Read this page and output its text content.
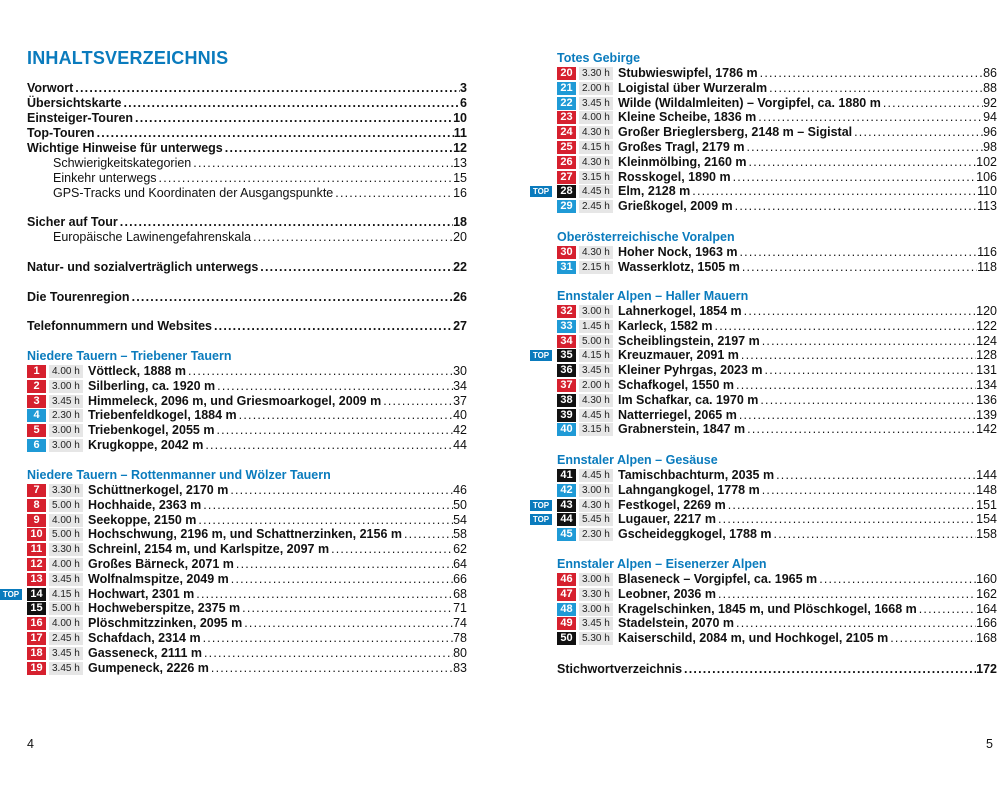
INHALTSVERZEICHNIS
Vorwort .....	3
Übersichtskarte .....	6
Einsteiger-Touren .....	10
Top-Touren .....	11
Wichtige Hinweise für unterwegs .....	12
Schwierigkeitskategorien .....	13
Einkehr unterwegs .....	15
GPS-Tracks und Koordinaten der Ausgangspunkte .....	16
Sicher auf Tour .....	18
Europäische Lawinengefahrenskala .....	20
Natur- und sozialverträglich unterwegs .....	22
Die Tourenregion .....	26
Telefonnummern und Websites .....	27
Niedere Tauern – Triebener Tauern
1	4.00 h Vöttleck, 1888 m .....	30
2	3.00 h Silberling, ca. 1920 m .....	34
3	3.45 h Himmeleck, 2096 m, und Griesmoarkogel, 2009 m .....	37
4	2.30 h Triebenfeldkogel, 1884 m .....	40
5	3.00 h Triebenkogel, 2055 m .....	42
6	3.00 h Krugkoppe, 2042 m .....	44
Niedere Tauern – Rottenmanner und Wölzer Tauern
7	3.30 h Schüttnerkogel, 2170 m .....	46
8	5.00 h Hochhaide, 2363 m .....	50
9	4.00 h Seekoppe, 2150 m .....	54
10 5.00 h Hochschwung, 2196 m, und Schattnerzinken, 2156 m .....	58
11 3.30 h Schreinl, 2154 m, und Karlspitze, 2097 m .....	62
12 4.00 h Großes Bärneck, 2071 m .....	64
13 3.45 h Wolfnalmspitze, 2049 m .....	66
TOP	14 4.15 h Hochwart, 2301 m .....	68
15 5.00 h Hochweberspitze, 2375 m .....	71
16 4.00 h Plöschmitzzinken, 2095 m .....	74
17 2.45 h Schafdach, 2314 m .....	78
18 3.45 h Gasseneck, 2111 m .....	80
19 3.45 h Gumpeneck, 2226 m .....	83
4
Totes Gebirge
20 3.30 h Stubwieswipfel, 1786 m .....	86
21 2.00 h Loigistal über Wurzeralm .....	88
22 3.45 h Wilde (Wildalmleiten) – Vorgipfel, ca. 1880 m .....	92
23 4.00 h Kleine Scheibe, 1836 m .....	94
24 4.30 h Großer Brieglersberg, 2148 m – Sigistal .....	96
25 4.15 h Großes Tragl, 2179 m .....	98
26 4.30 h Kleinmölbing, 2160 m .....	102
27 3.15 h Rosskogel, 1890 m .....	106
TOP	28 4.45 h Elm, 2128 m .....	110
29 2.45 h Grießkogel, 2009 m .....	113
Oberösterreichische Voralpen
30 4.30 h Hoher Nock, 1963 m .....	116
31 2.15 h Wasserklotz, 1505 m .....	118
Ennstaler Alpen – Haller Mauern
32 3.00 h Lahnerkogel, 1854 m .....	120
33 1.45 h Karleck, 1582 m .....	122
34 5.00 h Scheiblingstein, 2197 m .....	124
TOP	35 4.15 h Kreuzmauer, 2091 m .....	128
36 3.45 h Kleiner Pyhrgas, 2023 m .....	131
37 2.00 h Schafkogel, 1550 m .....	134
38 4.30 h Im Schafkar, ca. 1970 m .....	136
39 4.45 h Natterriegel, 2065 m .....	139
40 3.15 h Grabnerstein, 1847 m .....	142
Ennstaler Alpen – Gesäuse
41 4.45 h Tamischbachturm, 2035 m .....	144
42 3.00 h Lahngangkogel, 1778 m .....	148
TOP	43 4.30 h Festkogel, 2269 m .....	151
TOP	44 5.45 h Lugauer, 2217 m .....	154
45 2.30 h Gscheideggkogel, 1788 m .....	158
Ennstaler Alpen – Eisenerzer Alpen
46 3.00 h Blaseneck – Vorgipfel, ca. 1965 m .....	160
47 3.30 h Leobner, 2036 m .....	162
48 3.00 h Kragelschinken, 1845 m, und Plöschkogel, 1668 m .....	164
49 3.45 h Stadelstein, 2070 m .....	166
50 5.30 h Kaiserschild, 2084 m, und Hochkogel, 2105 m .....	168
Stichwortverzeichnis .....	172
5
